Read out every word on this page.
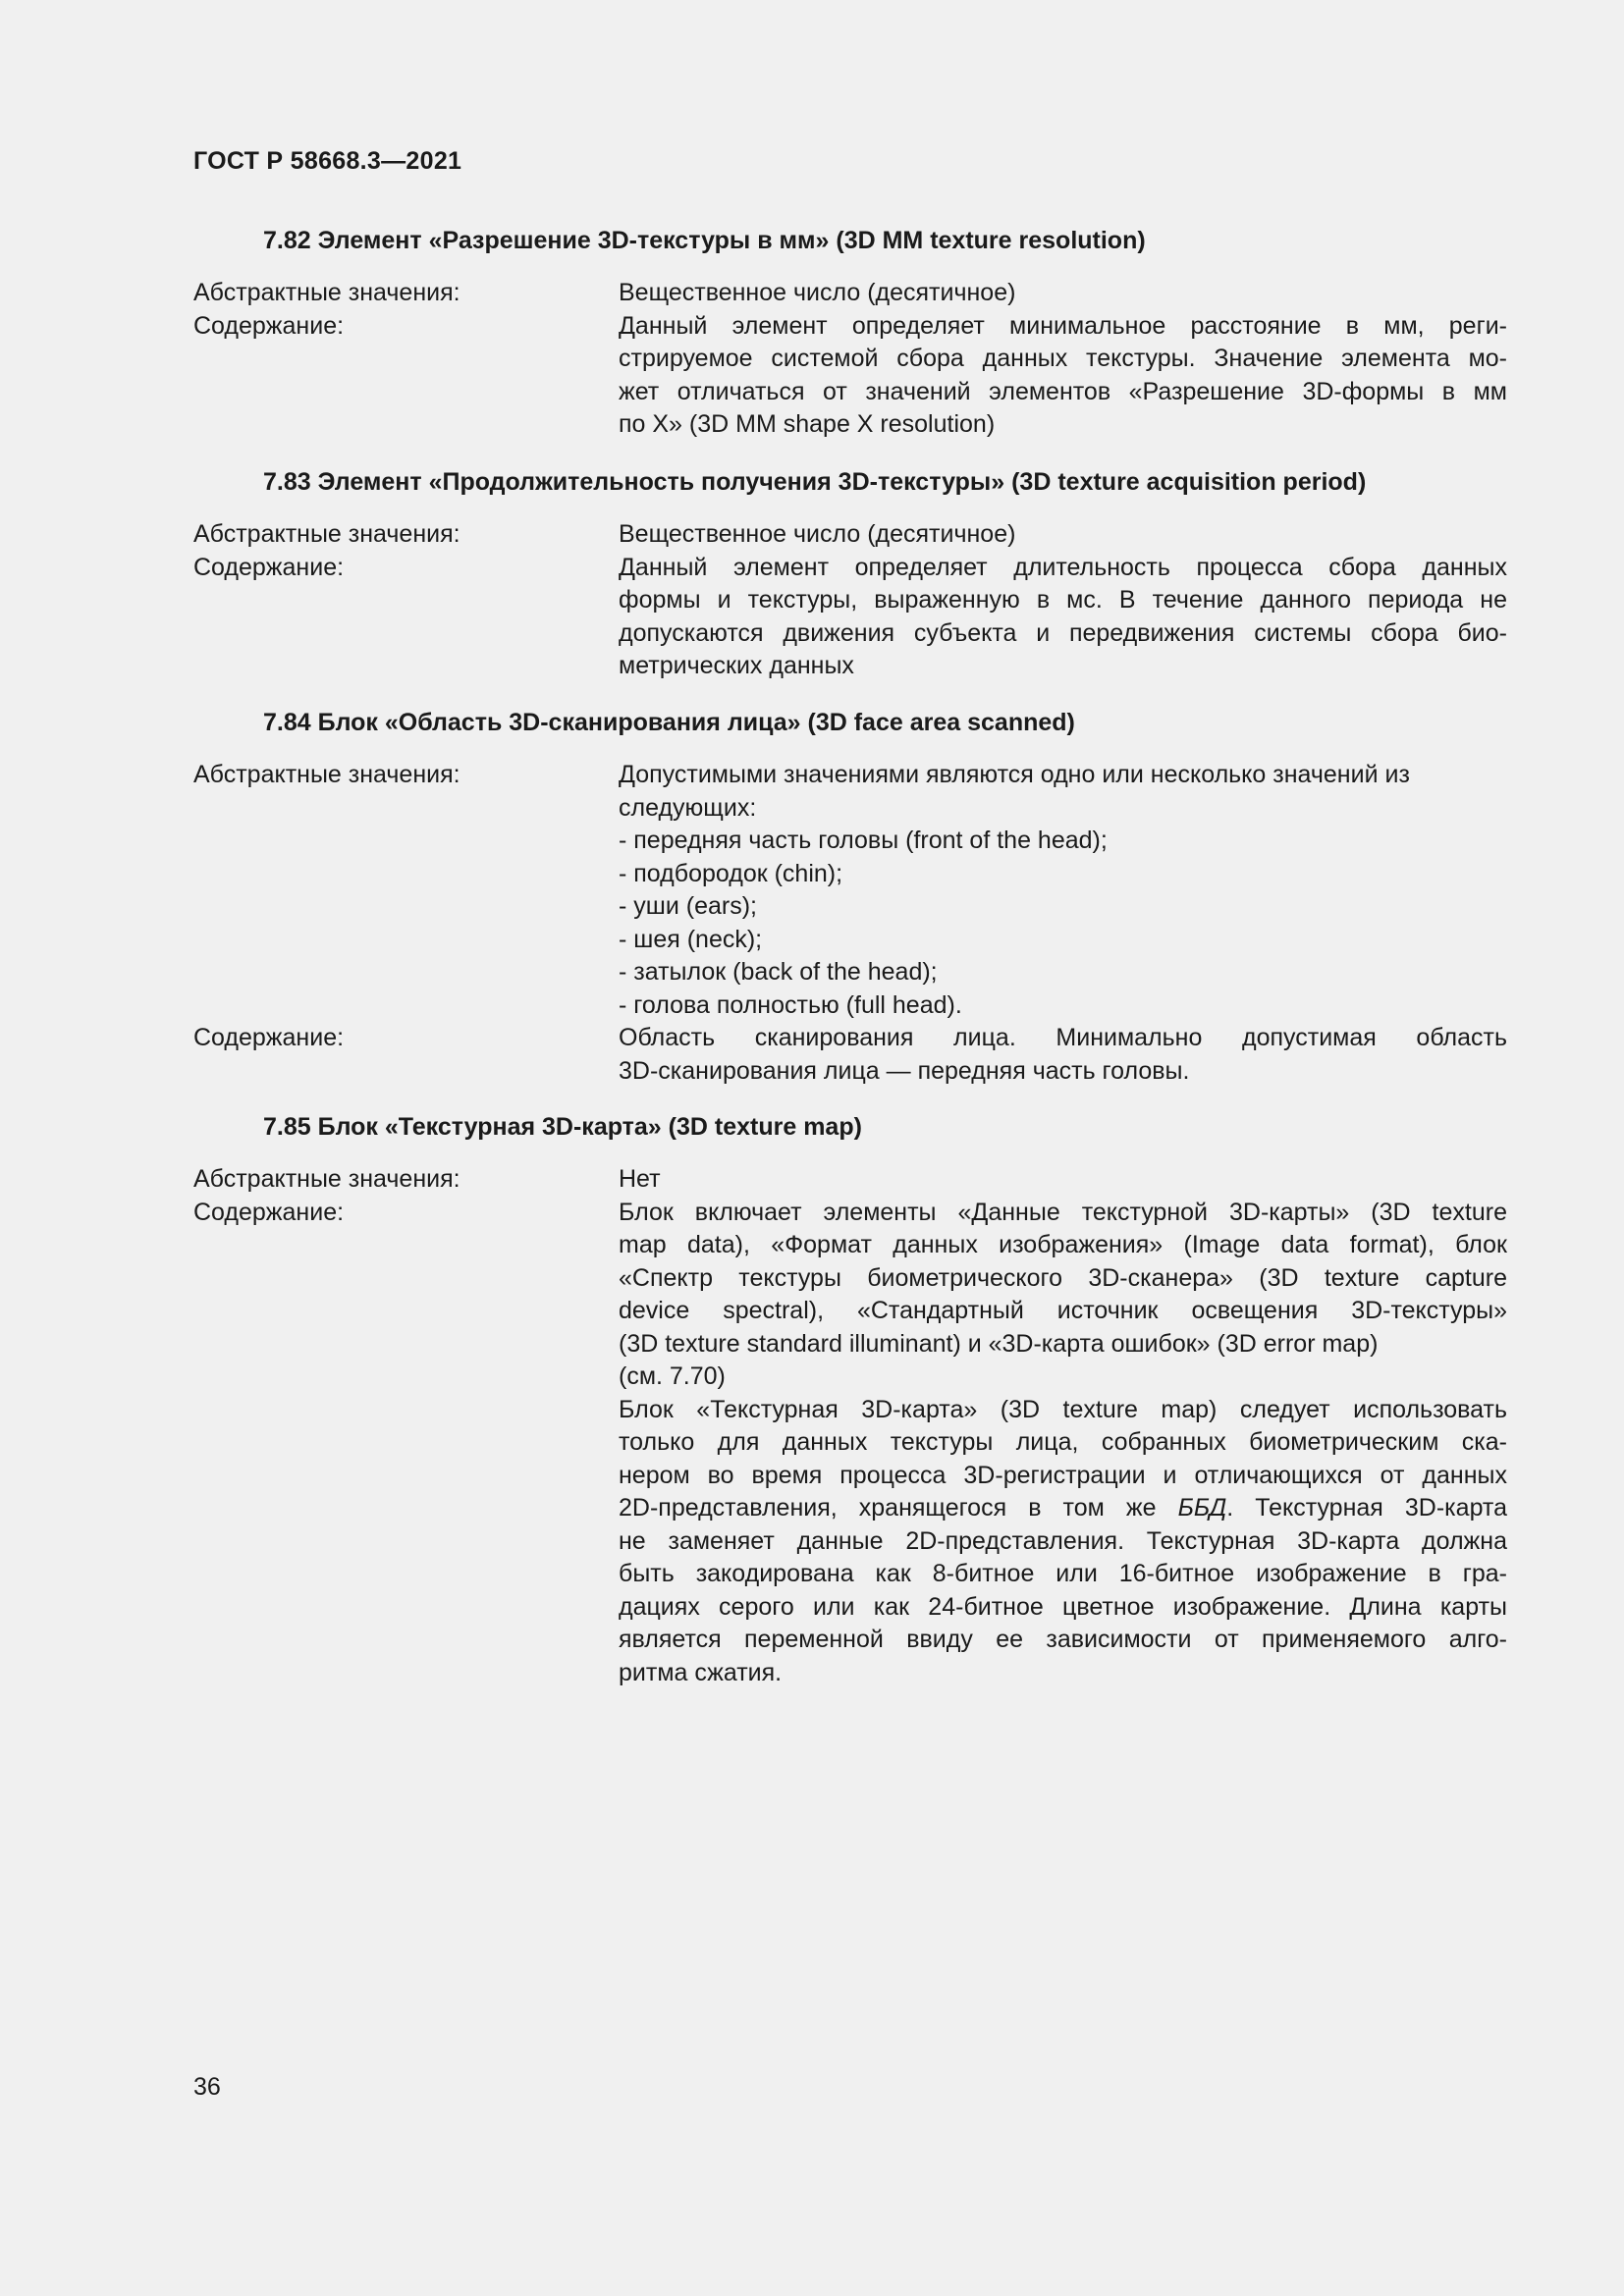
ГОСТ Р 58668.3—2021
7.82 Элемент «Разрешение 3D-текстуры в мм» (3D MM texture resolution)
Абстрактные значения:	Вещественное число (десятичное)
Содержание:	Данный элемент определяет минимальное расстояние в мм, реги-
стрируемое системой сбора данных текстуры. Значение элемента мо-
жет отличаться от значений элементов «Разрешение 3D-формы в мм
по X» (3D MM shape X resolution)
7.83 Элемент «Продолжительность получения 3D-текстуры» (3D texture acquisition period)
Абстрактные значения:	Вещественное число (десятичное)
Содержание:	Данный элемент определяет длительность процесса сбора данных
формы и текстуры, выраженную в мс. В течение данного периода не
допускаются движения субъекта и передвижения системы сбора био-
метрических данных
7.84 Блок «Область 3D-сканирования лица» (3D face area scanned)
Абстрактные значения:	Допустимыми значениями являются одно или несколько значений из
следующих:
- передняя часть головы (front of the head);
- подбородок (chin);
- уши (ears);
- шея (neck);
- затылок (back of the head);
- голова полностью (full head).
Содержание:	Область сканирования лица. Минимально допустимая область
3D-сканирования лица — передняя часть головы.
7.85 Блок «Текстурная 3D-карта» (3D texture map)
Абстрактные значения:	Нет
Содержание:	Блок включает элементы «Данные текстурной 3D-карты» (3D texture
map data), «Формат данных изображения» (Image data format), блок
«Спектр текстуры биометрического 3D-сканера» (3D texture capture
device spectral), «Стандартный источник освещения 3D-текстуры»
(3D texture standard illuminant) и «3D-карта ошибок» (3D error map)
(см. 7.70)
Блок «Текстурная 3D-карта» (3D texture map) следует использовать
только для данных текстуры лица, собранных биометрическим ска-
нером во время процесса 3D-регистрации и отличающихся от данных
2D-представления, хранящегося в том же ББД. Текстурная 3D-карта
не заменяет данные 2D-представления. Текстурная 3D-карта должна
быть закодирована как 8-битное или 16-битное изображение в гра-
дациях серого или как 24-битное цветное изображение. Длина карты
является переменной ввиду ее зависимости от применяемого алго-
ритма сжатия.
36
